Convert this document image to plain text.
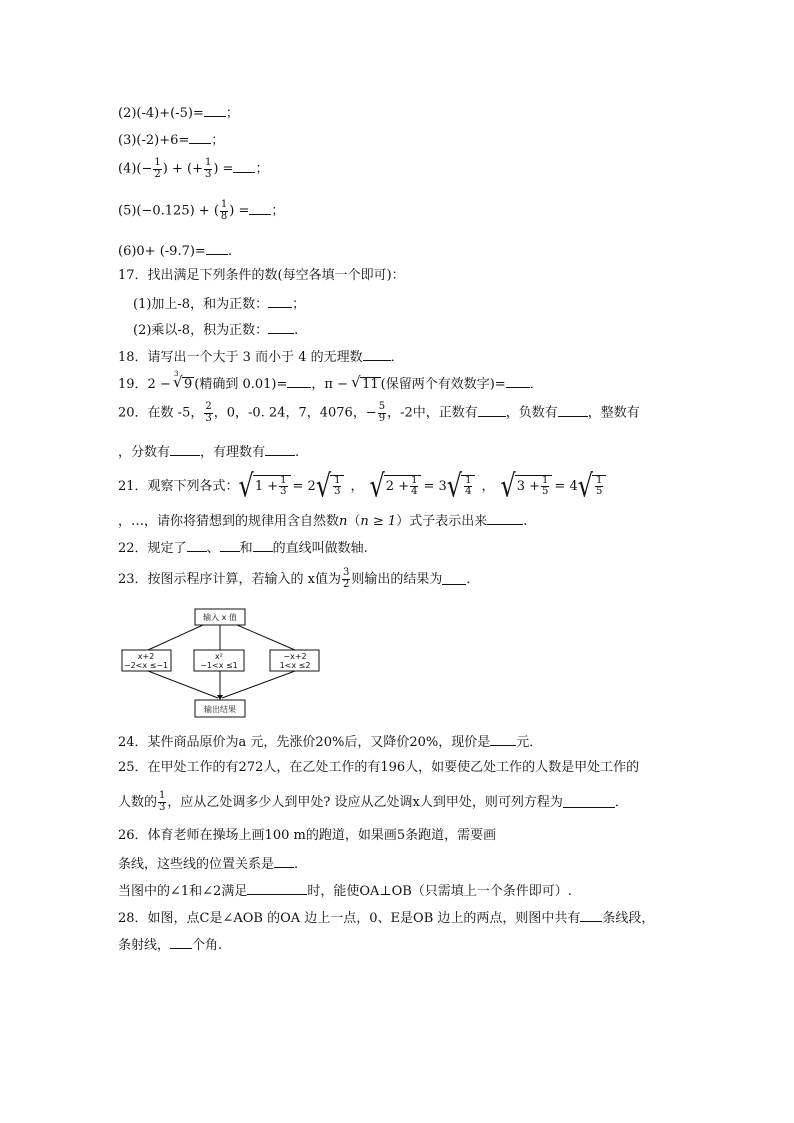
(2)(-4)+(-5)= ；
(3)(-2)+6= ；
$(4)(- \frac{1}{2}$ ) + (+ $\frac{1}{3}$ ) = ；
(5)(−0.125) + ( $\frac{1}{8}$ ) = ；
(6)0+ (-9.7)= .
17．找出满足下列条件的数(每空各填一个即可)：
(1)加上-8，和为正数： ；
(2)乘以-8，积为正数： .
18．请写出一个大于 3 而小于 4 的无理数 ．
19．2 −
3
√ 9 (精确到 0.01)= ，π − √ 11 (保留两个有效数字)= ．
20．在数 -5， $\frac{2}{3}$ ，0，-0. 24，7，4076，− $\frac{5}{9}$ ，-2中，正数有 ，负数有 ，整数有
，分数有 ，有理数有 .
21．观察下列各式： √ $1 + \frac{1}{3} = 2$ √ $\frac{1}{3}$ ， √ $2 + \frac{1}{4} = 3$ √ $\frac{1}{4}$ ， √ $3 + \frac{1}{5} = 4$ √ $\frac{1}{5}$
，…，请你将猜想到的规律用含自然数n（n ≥ 1）式子表示出来	.
22．规定了 、 和 的直线叫做数轴.
23．按图示程序计算，若输入的 x值为 $\frac{3}{2}$ 则输出的结果为 ．
输入 x 值
x+2
−2<x ≤−1
x²
−1<x ≤1
−x+2
1<x ≤2
输出结果
24．某件商品原价为a 元，先涨价20%后，又降价20%，现价是 元．
25．在甲处工作的有272人，在乙处工作的有196人，如要使乙处工作的人数是甲处工作的
人数的 $\frac{1}{3}$ ，应从乙处调多少人到甲处? 设应从乙处调x人到甲处，则可列方程为	．
26．体育老师在操场上画100 m的跑道，如果画5条跑道，需要画
条线，这些线的位置关系是 .
当图中的∠1和∠2满足	时，能使OA⊥OB（只需填上一个条件即可）.
28．如图，点C是∠AOB 的OA 边上一点，0、E是OB 边上的两点，则图中共有 条线段，
条射线， 个角.
